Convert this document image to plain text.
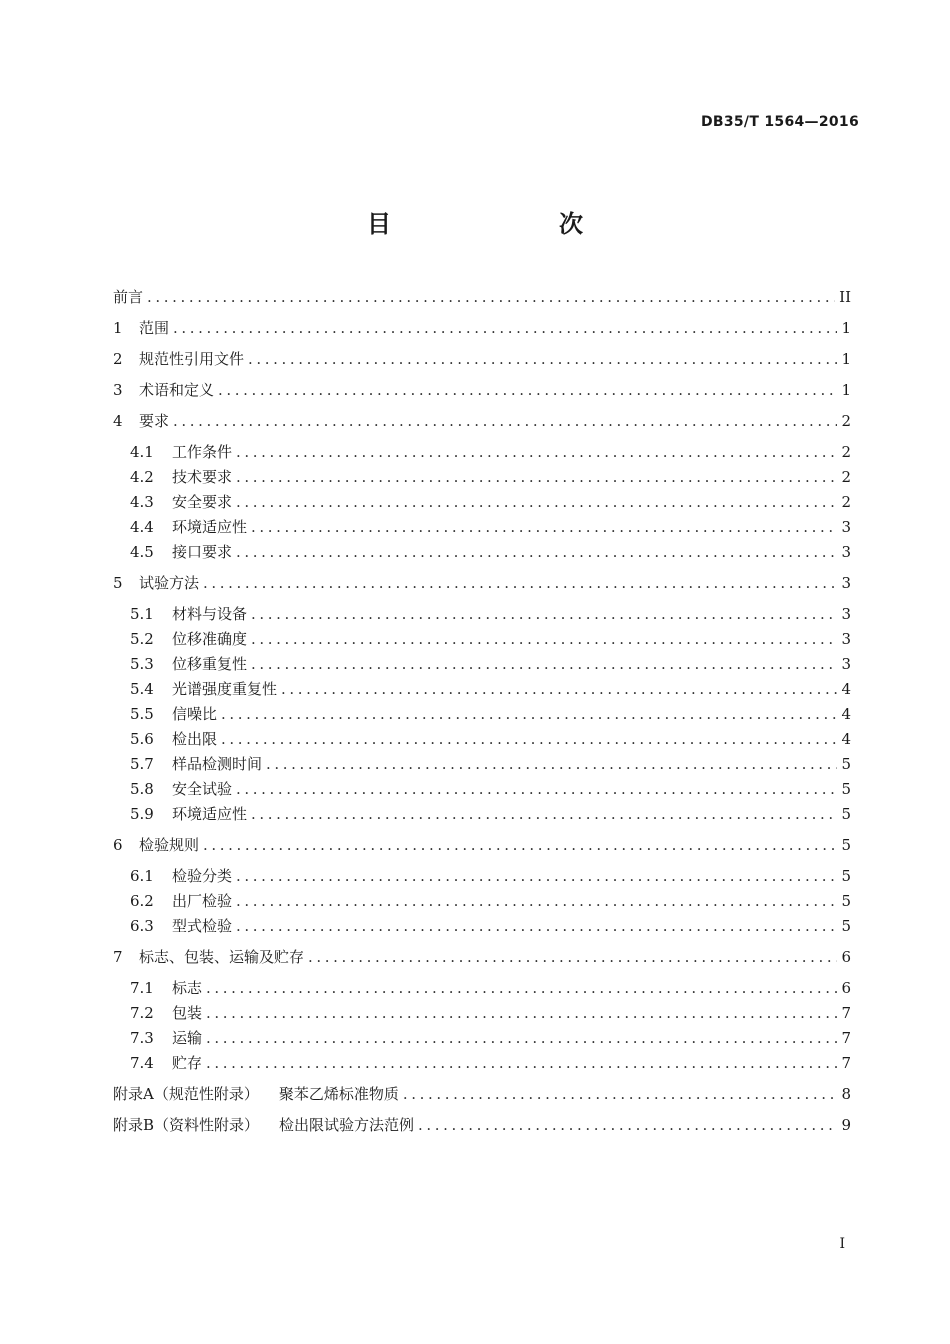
DB35/T 1564—2016
目　　次
前言 .....	II
1	范围 .....	1
2	规范性引用文件 .....	1
3	术语和定义 .....	1
4	要求 .....	2
4.1	工作条件 .....	2
4.2	技术要求 .....	2
4.3	安全要求 .....	2
4.4	环境适应性 .....	3
4.5	接口要求 .....	3
5	试验方法 .....	3
5.1	材料与设备 .....	3
5.2	位移准确度 .....	3
5.3	位移重复性 .....	3
5.4	光谱强度重复性 .....	4
5.5	信噪比 .....	4
5.6	检出限 .....	4
5.7	样品检测时间 .....	5
5.8	安全试验 .....	5
5.9	环境适应性 .....	5
6	检验规则 .....	5
6.1	检验分类 .....	5
6.2	出厂检验 .....	5
6.3	型式检验 .....	5
7	标志、包装、运输及贮存 .....	6
7.1	标志 .....	6
7.2	包装 .....	7
7.3	运输 .....	7
7.4	贮存 .....	7
附录A（规范性附录） 聚苯乙烯标准物质 .....	8
附录B（资料性附录） 检出限试验方法范例 .....	9
I
